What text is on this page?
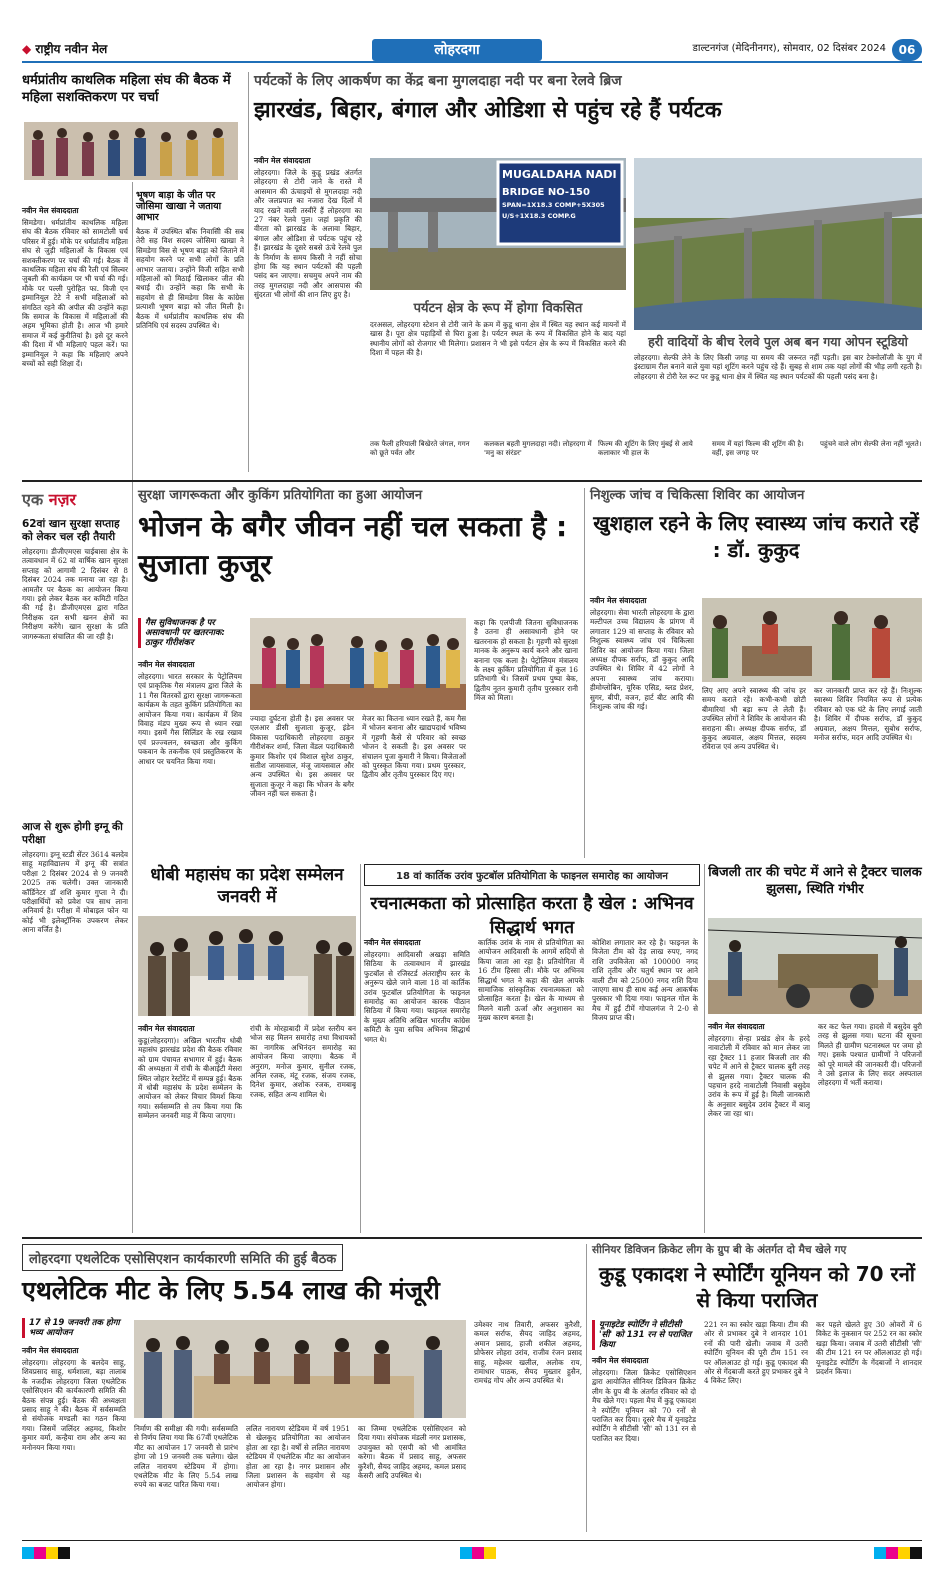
◆ राष्ट्रीय नवीन मेल	लोहरदगा	डाल्टनगंज (मेदिनीनगर), सोमवार, 02 दिसंबर 2024	06
धर्मप्रांतीय काथलिक महिला संघ की बैठक में महिला सशक्तिकरण पर चर्चा
नवीन मेल संवाददाता
सिमडेगा। धर्मप्रांतीय काथलिक महिला संघ की बैठक रविवार को सामटोली चर्च परिसर में हुई। मौके पर धर्मप्रांतीय महिला संघ से जुड़ी महिलाओं के विकास एवं सशक्तीकरण पर चर्चा की गई। बैठक में काथलिक महिला संघ की रैली एवं सिल्वर जुबली की कार्यक्रम पर भी चर्चा की गई। मौके पर पल्ली पुरोहित फा. विजी एन इम्मानियूल टेटे ने सभी महिलाओं को संगठित रहने की अपील की उन्होंने कहा कि समाज के विकास में महिलाओं की अहम भूमिका होती है। आज भी हमारे समाज में कई कुरीतियां है। इसे दूर करने की दिशा में भी महिलाएं पहल करें। फा इम्मानियूल ने कहा कि महिलाएं अपने बच्चों को सही शिक्षा दें।
भूषण बाड़ा के जीत पर जोसिमा खाखा ने जताया आभार
बैठक में उपस्थित बाँक निवासीि की सब तेरी सह विश सदस्य जोसिमा खाखा ने सिमडेगा विस से भूषण बाड़ा को जिताने में सहयोग करने पर सभी लोगों के प्रति आभार जताया। उन्होंने विजी सहित सभी महिलाओं को मिठाई खिलाकर जीत की बधाई दी। उन्होंने कहा कि सभी के सहयोग से ही सिमडेगा विस के कांग्रेस प्रत्याशी भूषण बाड़ा को जीत मिली है। बैठक में धर्मप्रांतीय काथलिक संघ की प्रतिनिधि एवं सदस्य उपस्थित थे।
पर्यटकों के लिए आकर्षण का केंद्र बना मुगलदाहा नदी पर बना रेलवे ब्रिज
झारखंड, बिहार, बंगाल और ओडिशा से पहुंच रहे हैं पर्यटक
नवीन मेल संवाददाता
लोहरदगा। जिले के कुडू प्रखंड अंतर्गत लोहरदगा से टोरी जाने के रास्ते में आसमान की ऊंचाइयों से मुगलदाहा नदी और जलप्रपात का नजारा देख दिलों में याद रखने वाली तस्वीरें हैं लोहरदगा का 27 नंबर रेलवे पुल। जहां प्रकृति की वीरता को झारखंड के अलावा बिहार, बंगाल और ओडिशा से पर्यटक पहुंच रहे हैं। झारखंड के दूसरे सबसे ऊंचे रेलवे पुल के निर्माण के समय किसी ने नहीं सोचा होगा कि यह स्थान पर्यटकों की पहली पसंद बन जाएगा। सचमुच अपने नाम की तरह मुगलदाहा नदी और आसपास की सुंदरता भी लोगों की शान लिए हुए है।
MUGALDAHA NADI
BRIDGE NO-150
SPAN=1X18.3 COMP+5X305
U/S+1X18.3 COMP.G
पर्यटन क्षेत्र के रूप में होगा विकसित
दरअसल, लोहरदगा स्टेशन से टोरी जाने के क्रम में कुडू थाना क्षेत्र में स्थित यह स्थान कई मायनों में खास है। पूरा क्षेत्र पहाड़ियों से घिरा हुआ है। पर्यटन स्थल के रूप में विकसित होने के बाद यहां स्थानीय लोगों को रोजगार भी मिलेगा। प्रशासन ने भी इसे पर्यटन क्षेत्र के रूप में विकसित करने की दिशा में पहल की है।
हरी वादियों के बीच रेलवे पुल अब बन गया ओपन स्टूडियो
लोहरदगा। सेल्फी लेने के लिए किसी जगह या समय की जरूरत नहीं पड़ती। इस बार टेक्नोलॉजी के युग में इंस्टाग्राम रील बनाने वाले युवा यहां शूटिंग करने पहुंच रहे हैं। सुबह से शाम तक यहां लोगों की भीड़ लगी रहती है। लोहरदगा से टोरी रेल रूट पर कुडू थाना क्षेत्र में स्थित यह स्थान पर्यटकों की पहली पसंद बना है।
तक फैली हरियाली बिखेरते जंगल, गगन को छूते पर्वत और
कलकल बहती मुगलदाहा नदी। लोहरदगा में 'मनु का संरंडर'
फिल्म की शूटिंग के लिए मुंबई से आये कलाकार भी हाल के
समय में यहां फिल्म की शूटिंग की है। वहीं, इस जगह पर
पहुंचने वाले लोग सेल्फी लेना नहीं भूलते।
एक नज़र
62वां खान सुरक्षा सप्ताह को लेकर चल रही तैयारी
लोहरदगा। डीजीएमएस चाईबासा क्षेत्र के तत्वावधान में 62 वां वार्षिक खान सुरक्षा सप्ताह को आगामी 2 दिसंबर से 8 दिसंबर 2024 तक मनाया जा रहा है। आमतौर पर बैठक का आयोजन किया गया। इसे लेकर बैठक कर कमिटी गठित की गई है। डीजीएमएस द्वारा गठित निरीक्षक दल सभी खनन क्षेत्रों का निरीक्षण करेंगे। खान सुरक्षा के प्रति जागरूकता संचालित की जा रही है।
आज से शुरू होगी इग्नू की परीक्षा
लोहरदगा। इग्नू स्टडी सेंटर 3614 बलदेव साहू महाविद्यालय में इग्नू की सत्रांत परीक्षा 2 दिसंबर 2024 से 9 जनवरी 2025 तक चलेगी। उक्त जानकारी कॉर्डिनेटर डॉ शशि कुमार गुप्ता ने दी। परीक्षार्थियों को प्रवेश पत्र साथ लाना अनिवार्य है। परीक्षा में मोबाइल फोन या कोई भी इलेक्ट्रॉनिक उपकरण लेकर आना वर्जित है।
सुरक्षा जागरूकता और कुकिंग प्रतियोगिता का हुआ आयोजन
भोजन के बगैर जीवन नहीं चल सकता है : सुजाता कुजूर
गैस सुविधाजनक है पर असावधानी पर खतरनाक: ठाकुर गीरीशंकर
नवीन मेल संवाददाता
लोहरदगा। भारत सरकार के पेट्रोलियम एवं प्राकृतिक गैस मंत्रालय द्वारा जिले के 11 गैस वितरकों द्वारा सुरक्षा जागरूकता कार्यक्रम के तहत कुकिंग प्रतियोगिता का आयोजन किया गया। कार्यक्रम में शिव विवाह मंडप मुख्य रूप से ध्यान रखा गया। इसमें गैस सिलिंडर के रख रखाव एवं प्रज्ज्वलन, स्वच्छता और कुकिंग पकवान के तकनीक एवं प्रस्तुतिकरण के आधार पर चयनित किया गया।
ज्यादा दुर्घटना होती है। इस अवसर पर एलआर डीसी सुजाता कुजूर, इंडेन विकास पदाधिकारी लोहरदगा ठाकुर गीरीशंकर शर्मा, जिला वेंडल पदाधिकारी कुमार किशोर एवं विशाल सुरेश ठाकुर, सतीश जायसवाल, मंजू जायसवाल और अन्य उपस्थित थे। इस अवसर पर सुजाता कुजूर ने कहा कि भोजन के बगैर जीवन नहीं चल सकता है।
मेजर का कितना ध्यान रखते हैं, कम गैस में भोजन बनाना और खाद्यपदार्थ भविष्य में गृहणी कैसे से परिवार को स्वच्छ भोजन दे सकती है। इस अवसर पर संचालन पूजा कुमारी ने किया। विजेताओं को पुरस्कृत किया गया। प्रथम पुरस्कार, द्वितीय और तृतीय पुरस्कार दिए गए।
कहा कि एलपीजी जितना सुविधाजनक है उतना ही असावधानी होने पर खतरनाक हो सकता है। गृहणी को सुरक्षा मानक के अनुरूप कार्य करने और खाना बनाना एक कला है। पेट्रोलियम मंत्रालय के लक्ष्य कुकिंग प्रतियोगिता में कुल 16 प्रतिभागी थे। जिसमें प्रथम पुष्पा बेक, द्वितीय नूतन कुमारी तृतीय पुरस्कार रानी मिंज को मिला।
निशुल्क जांच व चिकित्सा शिविर का आयोजन
खुशहाल रहने के लिए स्वास्थ्य जांच कराते रहें : डॉ. कुकुद
नवीन मेल संवाददाता
लोहरदगा। सेवा भारती लोहरदगा के द्वारा मल्टीपल उच्च विद्यालय के प्रांगण में लगातार 129 वां सप्ताह के रविवार को निशुल्क स्वास्थ्य जांच एवं चिकित्सा शिविर का आयोजन किया गया। जिला अध्यक्ष दीपक सर्राफ, डॉ कुकुद आदि उपस्थित थे। शिविर में 42 लोगों ने अपना स्वास्थ्य जांच कराया। हीमोग्लोबिन, यूरिक एसिड, ब्लड प्रेशर, सुगर, बीपी, वजन, हार्ट बीट आदि की निःशुल्क जांच की गई।
लिए आए अपने स्वास्थ्य की जांच हर समय कराते रहें। कभी-कभी छोटी बीमारियां भी बड़ा रूप ले लेती हैं। उपस्थित लोगों ने शिविर के आयोजन की सराहना की। अध्यक्ष दीपक सर्राफ, डॉ कुकुद अग्रवाल, अक्षय मित्तल, सदस्य रविराज एवं अन्य उपस्थित थे।
कर जानकारी प्राप्त कर रहे हैं। निःशुल्क स्वास्थ्य शिविर नियमित रूप से प्रत्येक रविवार को एक घंटे के लिए लगाई जाती है। शिविर में दीपक सर्राफ, डॉ कुकुद अग्रवाल, अक्षय मित्तल, सुबोध सर्राफ, मनोज सर्राफ, मदन आदि उपस्थित थे।
धोबी महासंघ का प्रदेश सम्मेलन जनवरी में
नवीन मेल संवाददाता
कुडू(लोहरदगा)। अखिल भारतीय धोबी महासंघ झारखंड प्रदेश की बैठक रविवार को ग्राम पंचायत सभागार में हुई। बैठक की अध्यक्षता में रांची के बीआईटी मेसरा स्थित जोहार रेस्टोरेंट में सम्पन्न हुई। बैठक में धोबी महासंघ के प्रदेश सम्मेलन के आयोजन को लेकर विचार विमर्श किया गया। सर्वसम्मति से तय किया गया कि सम्मेलन जनवरी माह में किया जाएगा।
रांची के मोरहाबादी में प्रदेश स्तरीय बन भोज सह मिलन समारोह तथा विधायकों का नागरिक अभिनंदन समारोह का आयोजन किया जाएगा। बैठक में अनुराग, मनोज कुमार, सुनील रजक, अनिल रजक, मंटू रजक, संजय रजक, दिनेश कुमार, अशोक रजक, रामबाबू रजक, सहित अन्य शामिल थे।
18 वां कार्तिक उरांव फुटबॉल प्रतियोगिता के फाइनल समारोह का आयोजन
रचनात्मकता को प्रोत्साहित करता है खेल : अभिनव सिद्धार्थ भगत
नवीन मेल संवाददाता
लोहरदगा। आदिवासी अखड़ा समिति सिठिया के तत्वावधान में झारखंड फुटबॉल से रजिस्टर्ड अंतराष्ट्रीय स्तर के अनुरूप खेले जाने वाला 18 वां कार्तिक उरांव फुटबॉल प्रतियोगिता के फाइनल समारोह का आयोजन कारक पीठान सिठिया में किया गया। फाइनल समारोह के मुख्य अतिथि अखिल भारतीय कांग्रेस कमिटी के युवा सचिव अभिनव सिद्धार्थ भगत थे।
कार्तिक उरांव के नाम से प्रतियोगिता का आयोजन आदिवासी के आगमें सदियों से किया जाता आ रहा है। प्रतियोगिता में 16 टीम हिस्सा ली। मौके पर अभिनव सिद्धार्थ भगत ने कहा की खेल आपके सामाजिक सांस्कृतिक रचनात्मकता को प्रोत्साहित करता है। खेल के माध्यम से मिलने वाली ऊर्जा और अनुशासन का मुख्य कारण बनता है।
कोशिश लगातार कर रहे है। फाइनल के विजेता टीम को देड़ लाख रुपए, नगद राशि उपविजेता को 100000 नगद राशि तृतीय और चतुर्थ स्थान पर आने वाली टीम को 25000 नगद राशि दिया जाएगा साथ ही साथ कई अन्य आकर्षक पुरस्कार भी दिया गया। फाइनल गोल के मैच में हुईं टीमें गोपालगंज ने 2-0 से विजय प्राप्त की।
बिजली तार की चपेट में आने से ट्रैक्टर चालक झुलसा, स्थिति गंभीर
नवीन मेल संवाददाता
लोहरदगा। सेन्हा प्रखंड क्षेत्र के हरदे नावाटोली में रविवार को मान लेकर जा रहा ट्रैक्टर 11 हजार बिजली तार की चपेट में आने से ट्रैक्टर चालक बुरी तरह से झुलस गया। ट्रैक्टर चालक की पहचान हरदे नावाटोली निवासी बसुदेव उरांव के रूप में हुई है। मिली जानकारी के अनुसार बसुदेव उरांव ट्रैक्टर में बालू लेकर जा रहा था।
कर कट फेल गया। हादसे में बसुदेव बुरी तरह से झुलस गया। घटना की सूचना मिलते ही ग्रामीण घटनास्थल पर जमा हो गए। इसके पश्चात ग्रामीणों ने परिजनों को पूरे मामले की जानकारी दी। परिजनों ने उसे इलाज के लिए सदर अस्पताल लोहरदगा में भर्ती कराया।
लोहरदगा एथलेटिक एसोसिएशन कार्यकारणी समिति की हुई बैठक
एथलेटिक मीट के लिए 5.54 लाख की मंजूरी
17 से 19 जनवरी तक होगा भव्य आयोजन
नवीन मेल संवाददाता
लोहरदगा। लोहरदगा के बलदेव साहू, शिवप्रसाद साहू, धर्मशाला, बड़ा तालाब के नजदीक लोहरदगा जिला एथलेटिक एसोसिएशन की कार्यकारणी समिति की बैठक संपन्न हुई। बैठक की अध्यक्षता प्रसाद साहू ने की। बैठक में सर्वसम्मति से संयोजक मण्डली का गठन किया गया। जिसमें जलिंदर अहमद, किशोर कुमार वर्मा, कन्हैया राम और अन्य का मनोनयन किया गया।
निर्माण की समीक्षा की गयी। सर्वसम्मति से निर्णय लिया गया कि 67वीं एथलेटिक मीट का आयोजन 17 जनवरी से प्रारंभ होगा जो 19 जनवरी तक चलेगा। खेल ललित नारायण स्टेडियम में होगा। एथलेटिक मीट के लिए 5.54 लाख रुपये का बजट पारित किया गया।
ललित नारायण स्टेडियम में वर्ष 1951 से खेलकूद प्रतियोगिता का आयोजन होता आ रहा है। वर्षों से ललित नारायण स्टेडियम में एथलेटिक मीट का आयोजन होता आ रहा है। नगर प्रशासन और जिला प्रशासन के सहयोग से यह आयोजन होगा।
का जिम्मा एथलेटिक एसोसिएशन को दिया गया। संयोजक मंडली नगर प्रशासक, उपायुक्त को एसपी को भी आमंत्रित करेगा। बैठक में प्रसाद साहू, अफसर कुरैशी, सैयद जाहिद अहमद, कमल प्रसाद केसरी आदि उपस्थित थे।
उमेश्वर नाथ तिवारी, अफसर कुरैशी, कमल सर्राफ, सैयद जाहिद अहमद, अमान प्रसाद, हाजी शकील अहमद, प्रोफेसर लोहरा उरांव, राजीव रंजन प्रसाद साहू, महेश्वर खलील, अलोक राय, रामाधार पाठक, सैयद मुख्तार हुसैन, रामचंद्र गोप और अन्य उपस्थित थे।
सीनियर डिविजन क्रिकेट लीग के ग्रुप बी के अंतर्गत दो मैच खेले गए
कुडू एकादश ने स्पोर्टिंग यूनियन को 70 रनों से किया पराजित
यूनाइटेड स्पोर्टिंग ने सीटीसी 'सी' को 131 रन से पराजित किया
नवीन मेल संवाददाता
लोहरदगा। जिला क्रिकेट एसोसिएशन द्वारा आयोजित सीनियर डिविजन क्रिकेट लीग के ग्रुप बी के अंतर्गत रविवार को दो मैच खेले गए। पहला मैच में कुडू एकादश ने स्पोर्टिंग यूनियन को 70 रनों से पराजित कर दिया। दूसरे मैच में यूनाइटेड स्पोर्टिंग ने सीटीसी 'सी' को 131 रन से पराजित कर दिया।
221 रन का स्कोर खड़ा किया। टीम की ओर से प्रभाकर दुबे ने शानदार 101 रनों की पारी खेली। जवाब में उतरी स्पोर्टिंग यूनियन की पूरी टीम 151 रन पर ऑलआउट हो गई। कुडू एकादश की ओर से गेंदबाजी करते हुए प्रभाकर दुबे ने 4 विकेट लिए।
कर पहले खेलते हुए 30 ओवरों में 6 विकेट के नुकसान पर 252 रन का स्कोर खड़ा किया। जवाब में उतरी सीटीसी 'सी' की टीम 121 रन पर ऑलआउट हो गई। यूनाइटेड स्पोर्टिंग के गेंदबाजों ने शानदार प्रदर्शन किया।
